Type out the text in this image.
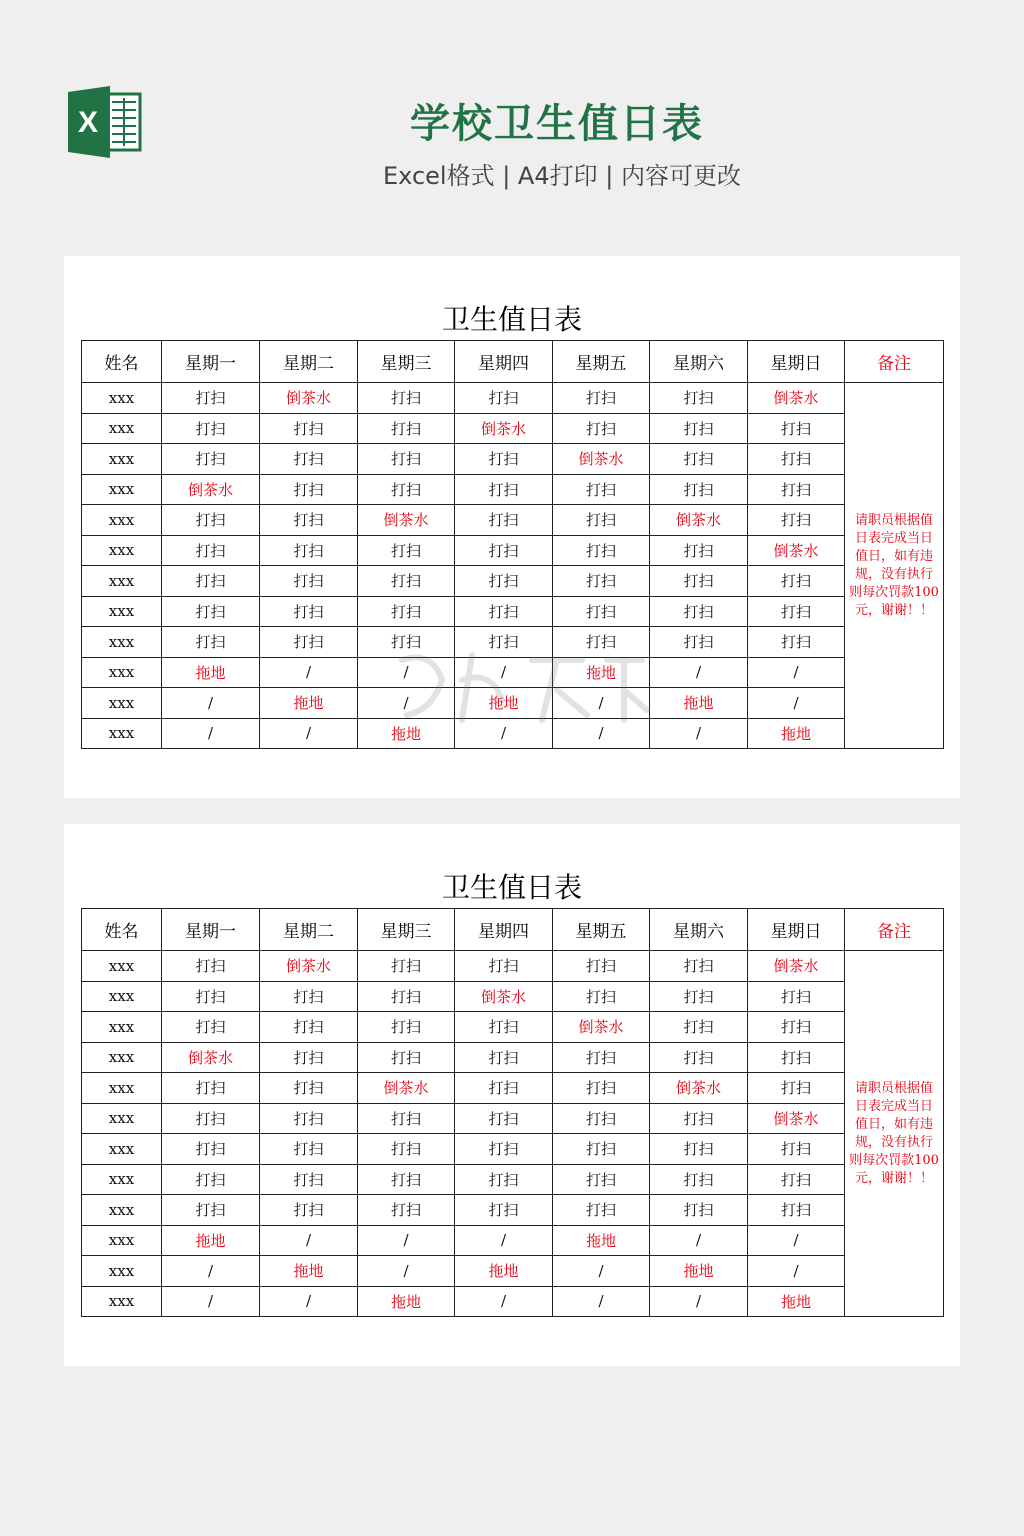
X	学校卫生值日表
Excel格式 | A4打印 | 内容可更改
卫生值日表
姓名	星期一	星期二	星期三	星期四	星期五	星期六	星期日	备注
xxx	打扫	倒茶水	打扫	打扫	打扫	打扫	倒茶水	请职员根据值日表完成当日值日，如有违规，没有执行则每次罚款100元，谢谢！！
xxx	打扫	打扫	打扫	倒茶水	打扫	打扫	打扫	
xxx	打扫	打扫	打扫	打扫	倒茶水	打扫	打扫	
xxx	倒茶水	打扫	打扫	打扫	打扫	打扫	打扫	
xxx	打扫	打扫	倒茶水	打扫	打扫	倒茶水	打扫	
xxx	打扫	打扫	打扫	打扫	打扫	打扫	倒茶水	
xxx	打扫	打扫	打扫	打扫	打扫	打扫	打扫	
xxx	打扫	打扫	打扫	打扫	打扫	打扫	打扫	
xxx	打扫	打扫	打扫	打扫	打扫	打扫	打扫	
xxx	拖地	/	/	/	拖地	/	/	
xxx	/	拖地	/	拖地	/	拖地	/	
xxx	/	/	拖地	/	/	/	拖地	
卫生值日表
姓名	星期一	星期二	星期三	星期四	星期五	星期六	星期日	备注
xxx	打扫	倒茶水	打扫	打扫	打扫	打扫	倒茶水	请职员根据值日表完成当日值日，如有违规，没有执行则每次罚款100元，谢谢！！
xxx	打扫	打扫	打扫	倒茶水	打扫	打扫	打扫	
xxx	打扫	打扫	打扫	打扫	倒茶水	打扫	打扫	
xxx	倒茶水	打扫	打扫	打扫	打扫	打扫	打扫	
xxx	打扫	打扫	倒茶水	打扫	打扫	倒茶水	打扫	
xxx	打扫	打扫	打扫	打扫	打扫	打扫	倒茶水	
xxx	打扫	打扫	打扫	打扫	打扫	打扫	打扫	
xxx	打扫	打扫	打扫	打扫	打扫	打扫	打扫	
xxx	打扫	打扫	打扫	打扫	打扫	打扫	打扫	
xxx	拖地	/	/	/	拖地	/	/	
xxx	/	拖地	/	拖地	/	拖地	/	
xxx	/	/	拖地	/	/	/	拖地	
